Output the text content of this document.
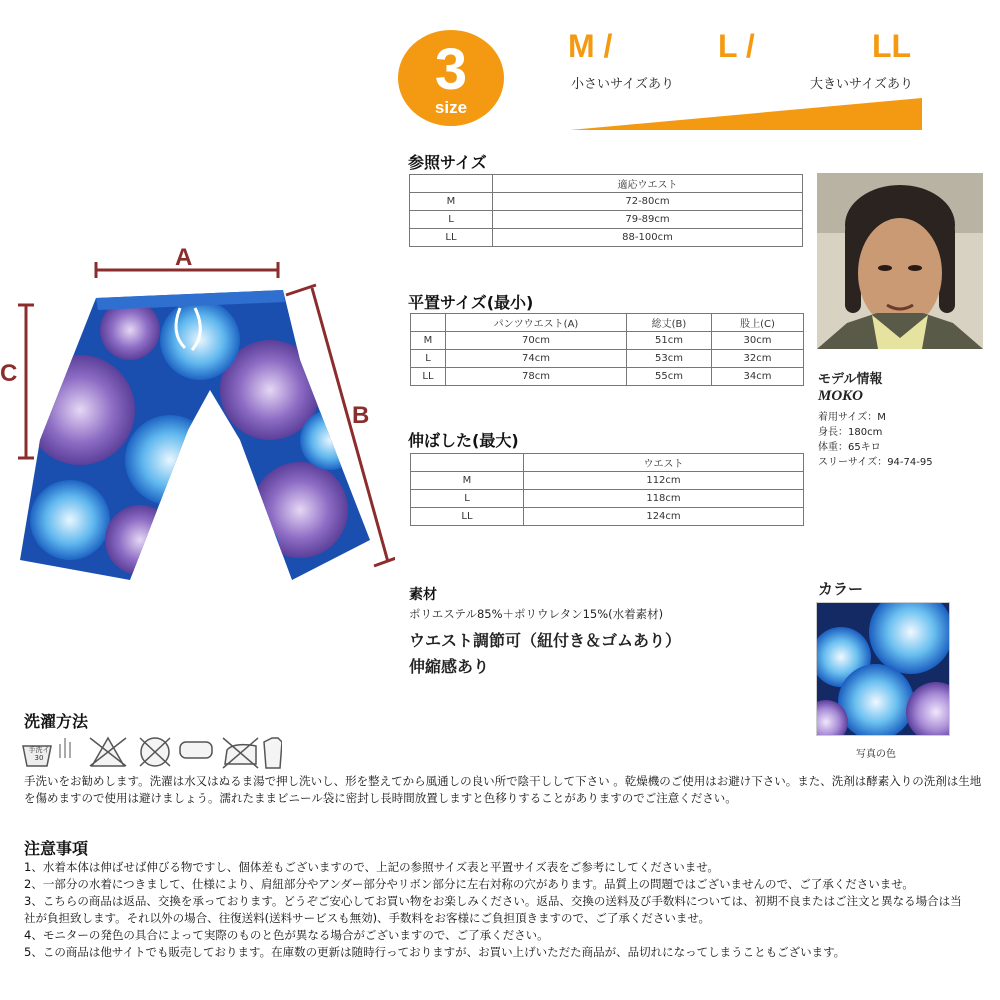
3
size
M /	L /	LL
小さいサイズあり	大きいサイズあり
A
C
B
参照サイズ
	適応ウエスト
M	72-80cm
L	79-89cm
LL	88-100cm
モデル情報
MOKO
着用サイズ：M
身長：180cm
体重：65キロ
スリーサイズ：94-74-95
平置サイズ(最小)
	パンツウエスト(A)	総丈(B)	股上(C)
M	70cm	51cm	30cm
L	74cm	53cm	32cm
LL	78cm	55cm	34cm
伸ばした(最大)
	ウエスト
M	112cm
L	118cm
LL	124cm
素材
ポリエステル85%＋ポリウレタン15%(水着素材)
ウエスト調節可（紐付き＆ゴムあり）
伸縮感あり
カラー
写真の色
洗濯方法
手洗イ 30
手洗いをお勧めします。洗濯は水又はぬるま湯で押し洗いし、形を整えてから風通しの良い所で陰干しして下さい 。乾燥機のご使用はお避け下さい。また、洗剤は酵素入りの洗剤は生地を傷めますので使用は避けましょう。濡れたままビニール袋に密封し長時間放置しますと色移りすることがありますのでご注意ください。
注意事項
1、水着本体は伸ばせば伸びる物ですし、個体差もございますので、上記の参照サイズ表と平置サイズ表をご参考にしてくださいませ。
2、一部分の水着につきまして、仕様により、肩紐部分やアンダー部分やリボン部分に左右対称の穴があります。品質上の問題ではございませんので、ご了承くださいませ。
3、こちらの商品は返品、交換を承っております。どうぞご安心してお買い物をお楽しみください。返品、交換の送料及び手数料については、初期不良またはご注文と異なる場合は当社が負担致します。それ以外の場合、往復送料(送料サービスも無効)、手数料をお客様にご負担頂きますので、ご了承くださいませ。
4、モニターの発色の具合によって実際のものと色が異なる場合がございますので、ご了承ください。
5、この商品は他サイトでも販売しております。在庫数の更新は随時行っておりますが、お買い上げいただた商品が、品切れになってしまうこともございます。
